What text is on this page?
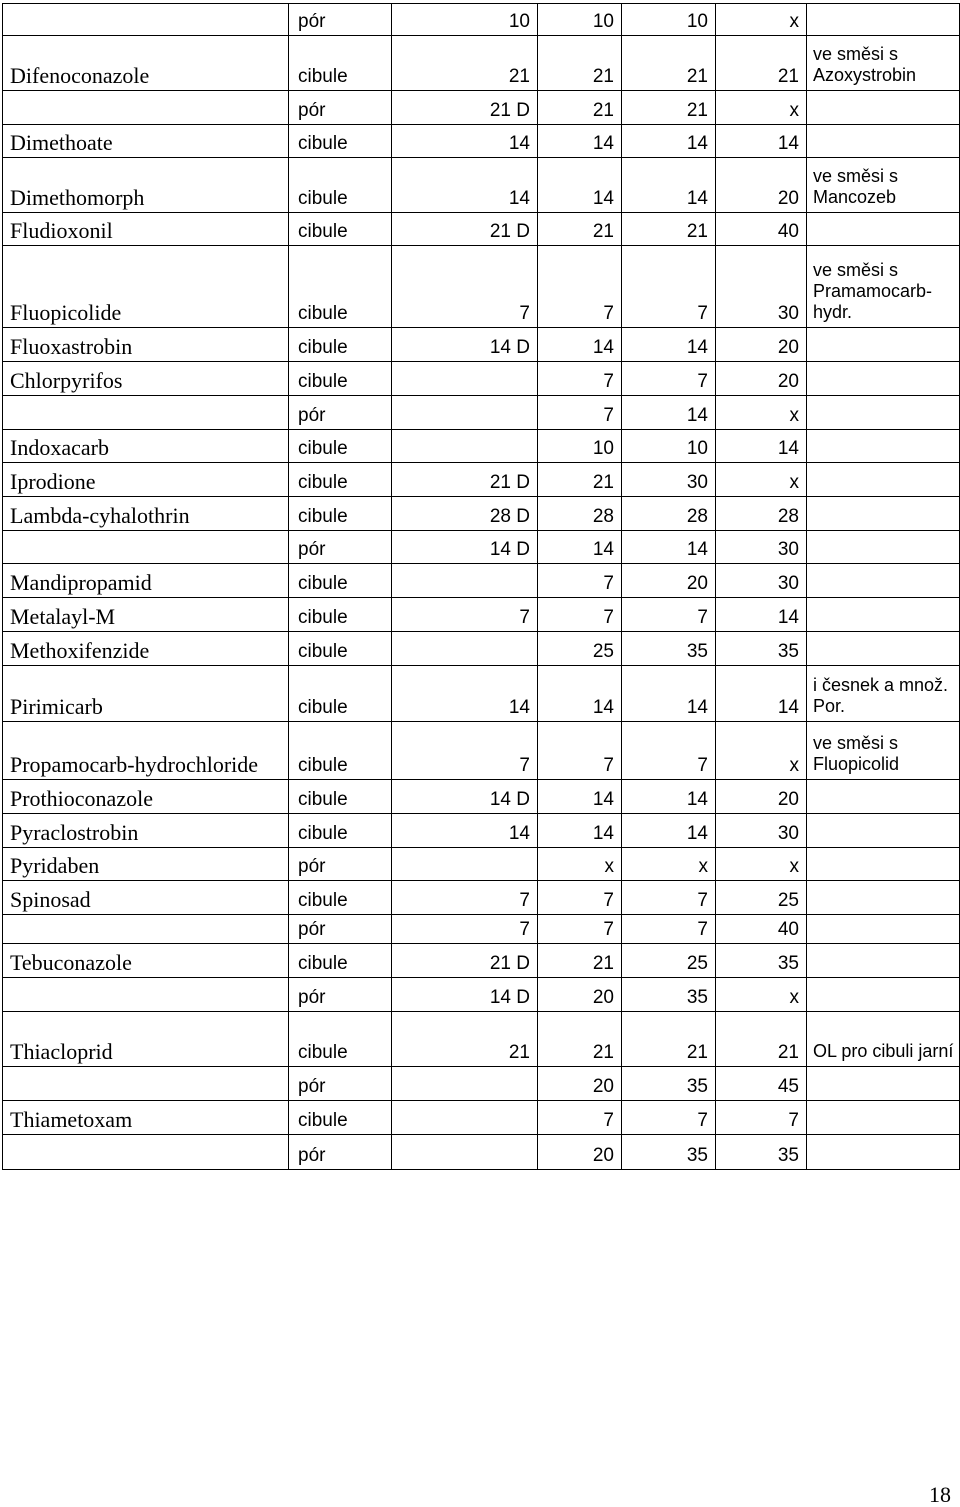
	pór	10	10	10	x	
Difenoconazole	cibule	21	21	21	21	ve směsi s Azoxystrobin
	pór	21 D	21	21	x	
Dimethoate	cibule	14	14	14	14	
Dimethomorph	cibule	14	14	14	20	ve směsi s Mancozeb
Fludioxonil	cibule	21 D	21	21	40	
Fluopicolide	cibule	7	7	7	30	ve směsi s Pramamocarb-hydr.
Fluoxastrobin	cibule	14 D	14	14	20	
Chlorpyrifos	cibule		7	7	20	
	pór		7	14	x	
Indoxacarb	cibule		10	10	14	
Iprodione	cibule	21 D	21	30	x	
Lambda-cyhalothrin	cibule	28 D	28	28	28	
	pór	14 D	14	14	30	
Mandipropamid	cibule		7	20	30	
Metalayl-M	cibule	7	7	7	14	
Methoxifenzide	cibule		25	35	35	
Pirimicarb	cibule	14	14	14	14	i česnek a množ. Por.
Propamocarb-hydrochloride	cibule	7	7	7	x	ve směsi s Fluopicolid
Prothioconazole	cibule	14 D	14	14	20	
Pyraclostrobin	cibule	14	14	14	30	
Pyridaben	pór		x	x	x	
Spinosad	cibule	7	7	7	25	
	pór	7	7	7	40	
Tebuconazole	cibule	21 D	21	25	35	
	pór	14 D	20	35	x	
Thiacloprid	cibule	21	21	21	21	OL pro cibuli jarní
	pór		20	35	45	
Thiametoxam	cibule		7	7	7	
	pór		20	35	35	
18
